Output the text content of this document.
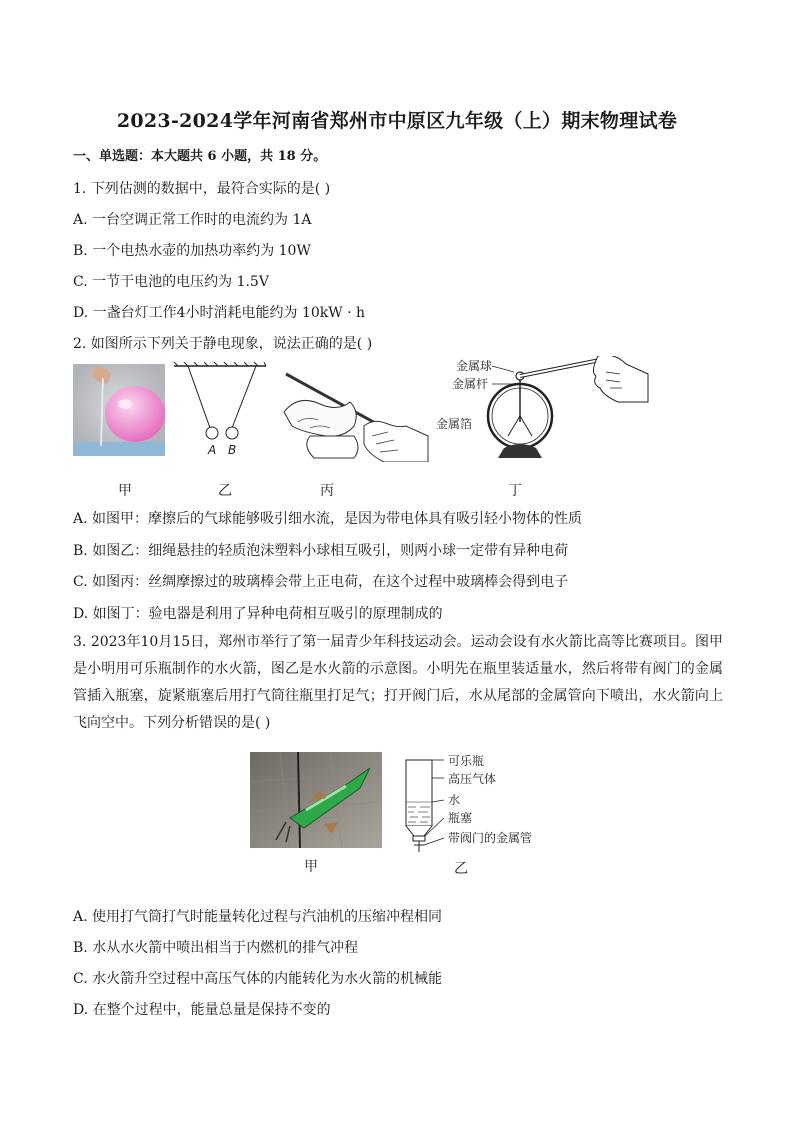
2023-2024学年河南省郑州市中原区九年级（上）期末物理试卷
一、单选题：本大题共 6 小题，共 18 分。
1. 下列估测的数据中，最符合实际的是( )
A. 一台空调正常工作时的电流约为 1A
B. 一个电热水壶的加热功率约为 10W
C. 一节干电池的电压约为 1.5V
D. 一盏台灯工作4小时消耗电能约为 10kW · h
2. 如图所示下列关于静电现象，说法正确的是( )
A B
金属球
金属杆
金属箔
甲	乙	丙	丁
A. 如图甲：摩擦后的气球能够吸引细水流，是因为带电体具有吸引轻小物体的性质
B. 如图乙：细绳悬挂的轻质泡沫塑料小球相互吸引，则两小球一定带有异种电荷
C. 如图丙：丝绸摩擦过的玻璃棒会带上正电荷，在这个过程中玻璃棒会得到电子
D. 如图丁：验电器是利用了异种电荷相互吸引的原理制成的
3. 2023年10月15日，郑州市举行了第一届青少年科技运动会。运动会设有水火箭比高等比赛项目。图甲是小明用可乐瓶制作的水火箭，图乙是水火箭的示意图。小明先在瓶里装适量水，然后将带有阀门的金属管插入瓶塞，旋紧瓶塞后用打气筒往瓶里打足气；打开阀门后，水从尾部的金属管向下喷出，水火箭向上飞向空中。下列分析错误的是( )
可乐瓶
高压气体
水
瓶塞
带阀门的金属管
甲	乙
A. 使用打气筒打气时能量转化过程与汽油机的压缩冲程相同
B. 水从水火箭中喷出相当于内燃机的排气冲程
C. 水火箭升空过程中高压气体的内能转化为水火箭的机械能
D. 在整个过程中，能量总量是保持不变的
